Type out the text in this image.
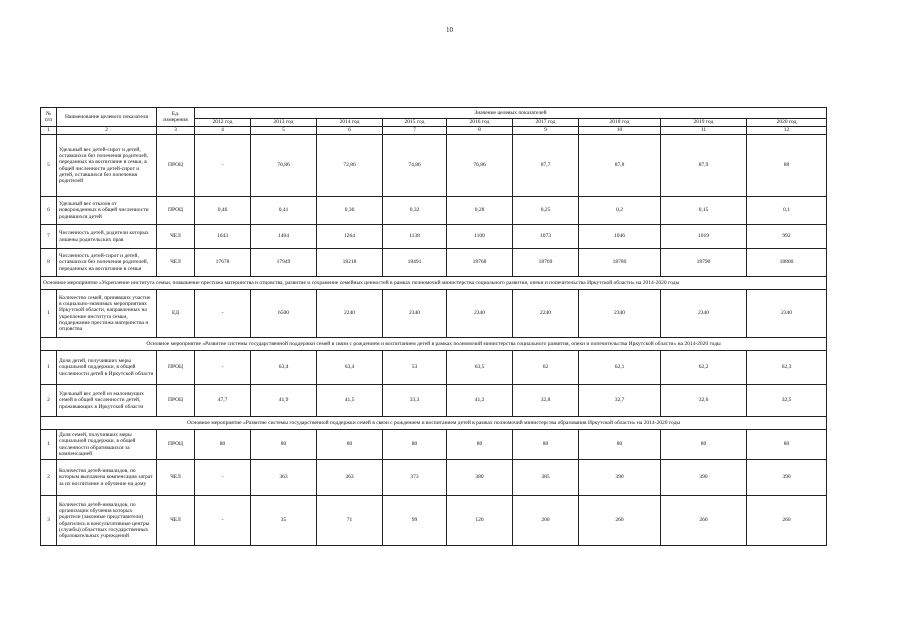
10
№ п/п	Наименование целевого показателя	Ед. измерения	Значение целевых показателей								
			2012 год	2013 год	2014 год	2015 год	2016 год	2017 год	2018 год	2019 год	2020 год
1	2	3	4	5	6	7	8	9	10	11	12
5	Удельный вес детей-сирот и детей, оставшихся без попечения родителей, переданных на воспитание в семьи, в общей численности детей-сирот и детей, оставшихся без попечения родителей	ПРОЦ	-	70,86	72,86	74,86	76,86	87,7	87,8	87,9	88
6	Удельный вес отказов от новорожденных в общей численности родившихся детей	ПРОЦ	0,46	0,41	0,36	0,32	0,28	0,25	0,2	0,15	0,1
7	Численность детей, родители которых лишены родительских прав	ЧЕЛ	1643	1404	1264	1138	1100	1073	1046	1019	992
8	Численность детей-сирот и детей, оставшихся без попечения родителей, переданных на воспитание в семьи	ЧЕЛ	17678	17949	18218	18491	18768	18769	18780	18790	18800
Основное мероприятие «Укрепление института семьи, повышение престижа материнства и отцовства, развитие и сохранение семейных ценностей в рамках полномочий министерства социального развития, опеки и попечительства Иркутской области» на 2014-2020 годы											
1	Количество семей, принявших участие в социально-значимых мероприятиях Иркутской области, направленных на укрепление института семьи, поддержание престижа материнства и отцовства	ЕД	-	6500	2240	2340	2340	2240	2340	2340	2340
Основное мероприятие «Развитие системы государственной поддержки семей в связи с рождением и воспитанием детей в рамках полномочий министерства социального развития, опеки и попечительства Иркутской области» на 2014-2020 годы											
1	Доля детей, получивших меры социальной поддержки, в общей численности детей в Иркутской области	ПРОЦ	-	63,4	63,4	53	63,5	62	62,1	62,2	62,3
2	Удельный вес детей из малоимущих семей в общей численности детей, проживающих в Иркутской области	ПРОЦ	47,7	41,9	41,5	33,3	41,2	32,8	32,7	32,6	32,5
Основное мероприятие «Развитие системы государственной поддержки семей в связи с рождением и воспитанием детей в рамках полномочий министерства образования Иркутской области» на 2014-2020 годы											
1	Доля семей, получивших меры социальной поддержки, в общей численности обратившихся за компенсацией	ПРОЦ	80	80	80	80	80	80	80	80	80
2	Количество детей-инвалидов, по которым выплачена компенсация затрат за их воспитание и обучение на дому	ЧЕЛ	-	363	363	373	380	385	390	390	390
3	Количество детей-инвалидов, по организации обучения которых родители (законные представители) обратились в консультативные центры (службы) областных государственных образовательных учреждений	ЧЕЛ	-	35	71	99	120	200	260	260	260
